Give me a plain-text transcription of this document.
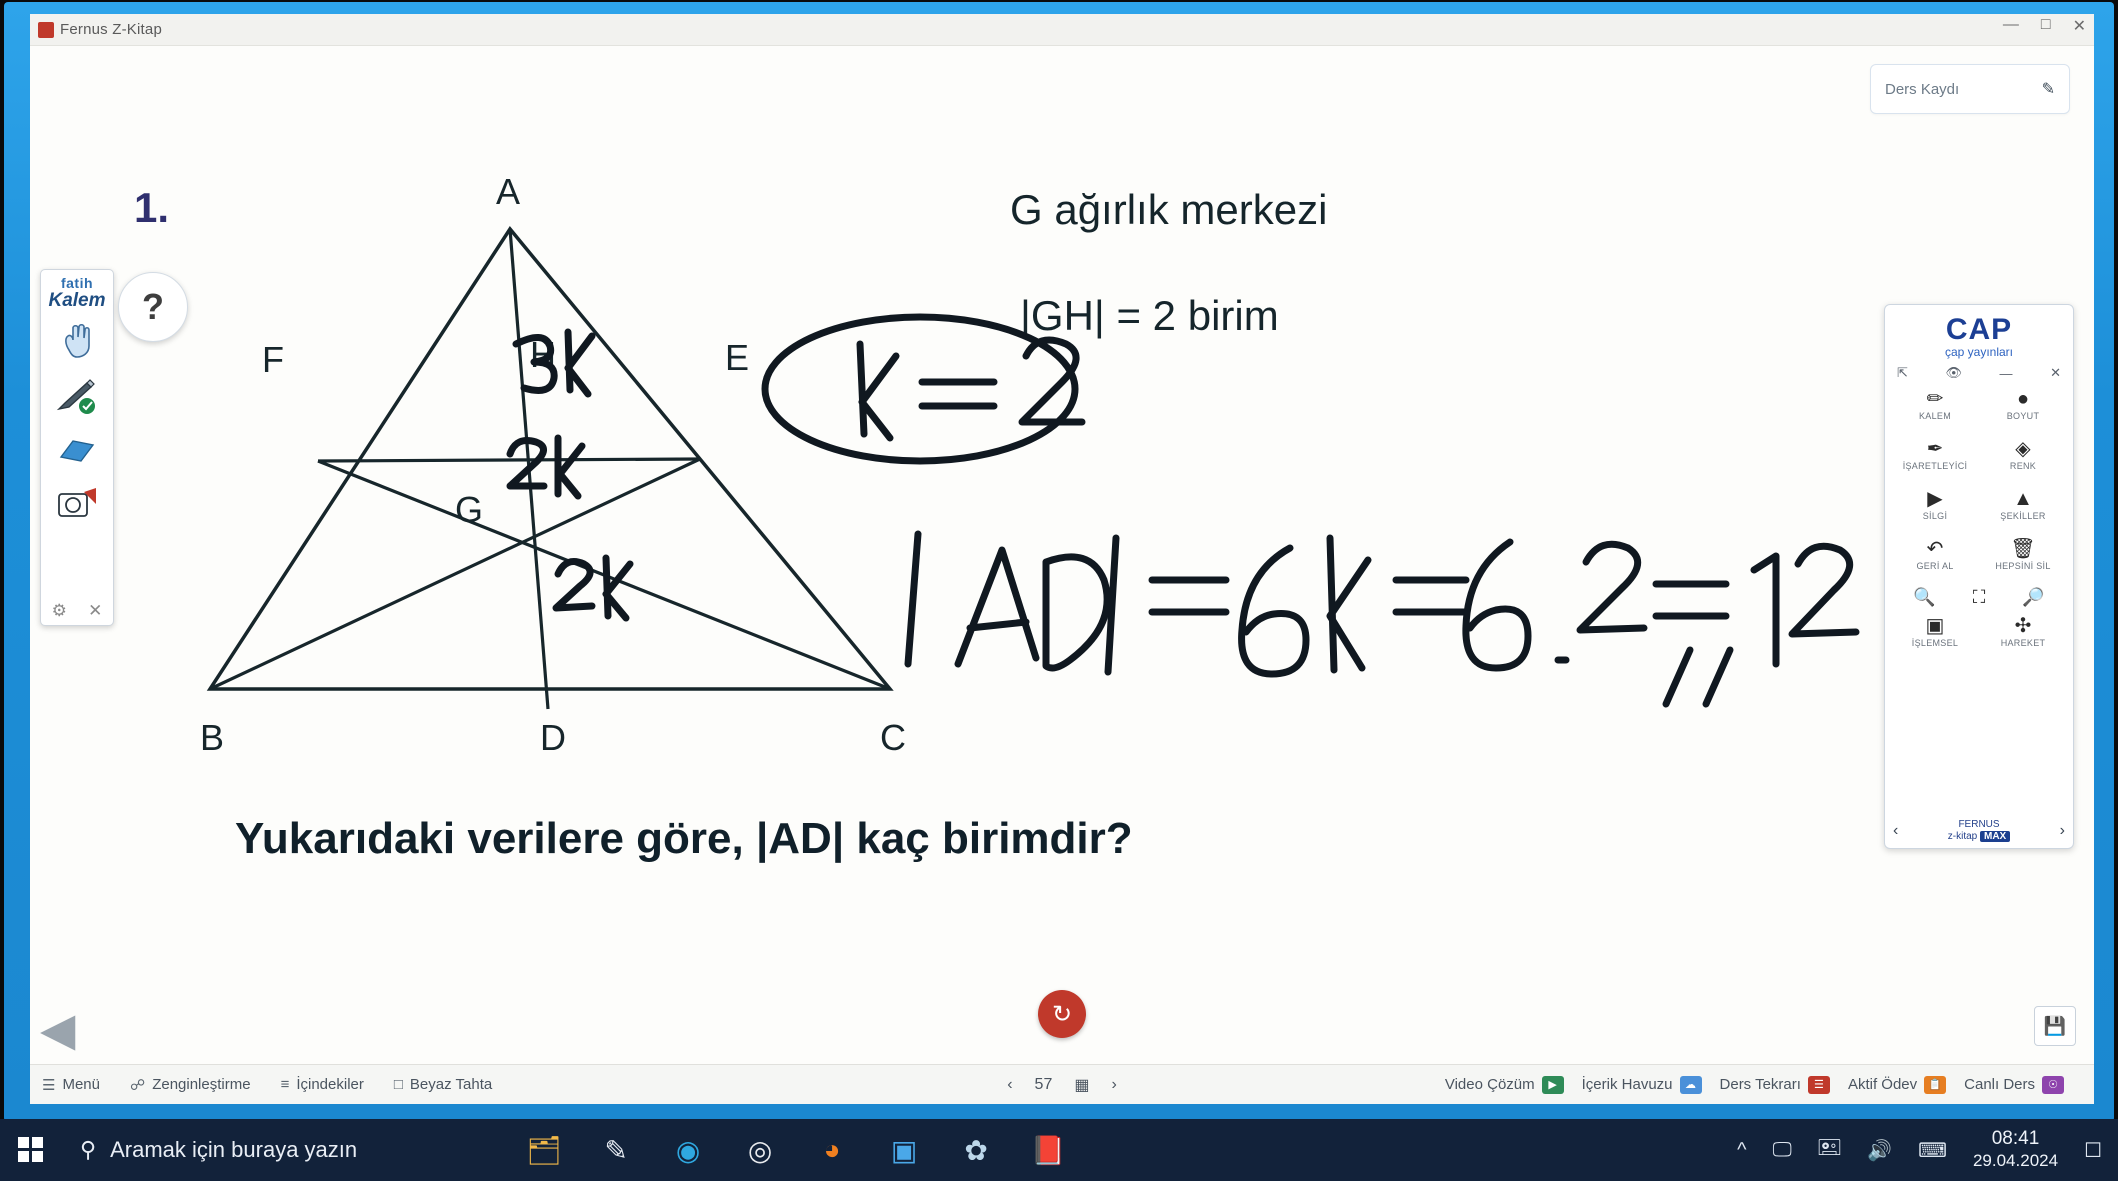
Fernus Z-Kitap	— □ ✕
Ders Kaydı	✎
fatih
Kalem
⚙ ✕
?
1.	A
F	H	E
G
B	D	C
G ağırlık merkezi
|GH| = 2 birim
Yukarıdaki verilere göre, |AD| kaç birimdir?
CAP
çap yayınları
⇱	👁	—	✕
✏
KALEM
●
BOYUT
✒
İŞARETLEYİCİ
◈
RENK
▶
SİLGİ
▲
ŞEKİLLER
↶
GERİ AL
🗑
HEPSİNİ SİL
🔍 ⛶ 🔎
▣
İŞLEMSEL
✣
HAREKET
‹	FERNUS
z-kitap MAX	›
↻	💾
◀
☰ Menü ☍ Zenginleştirme ≡ İçindekiler □ Beyaz Tahta	‹ 57 ▦ ›	Video Çözüm	▶	İçerik Havuzu	☁	Ders Tekrarı	☰	Aktif Ödev	📋 Canlı Ders	☉
⚲ Aramak için buraya yazın	🗂 ✎ ◉ ◎	◕	▣ ✿ 📕	^ 🖵 🖭 🔊 ⌨
08:41
29.04.2024 ☐
